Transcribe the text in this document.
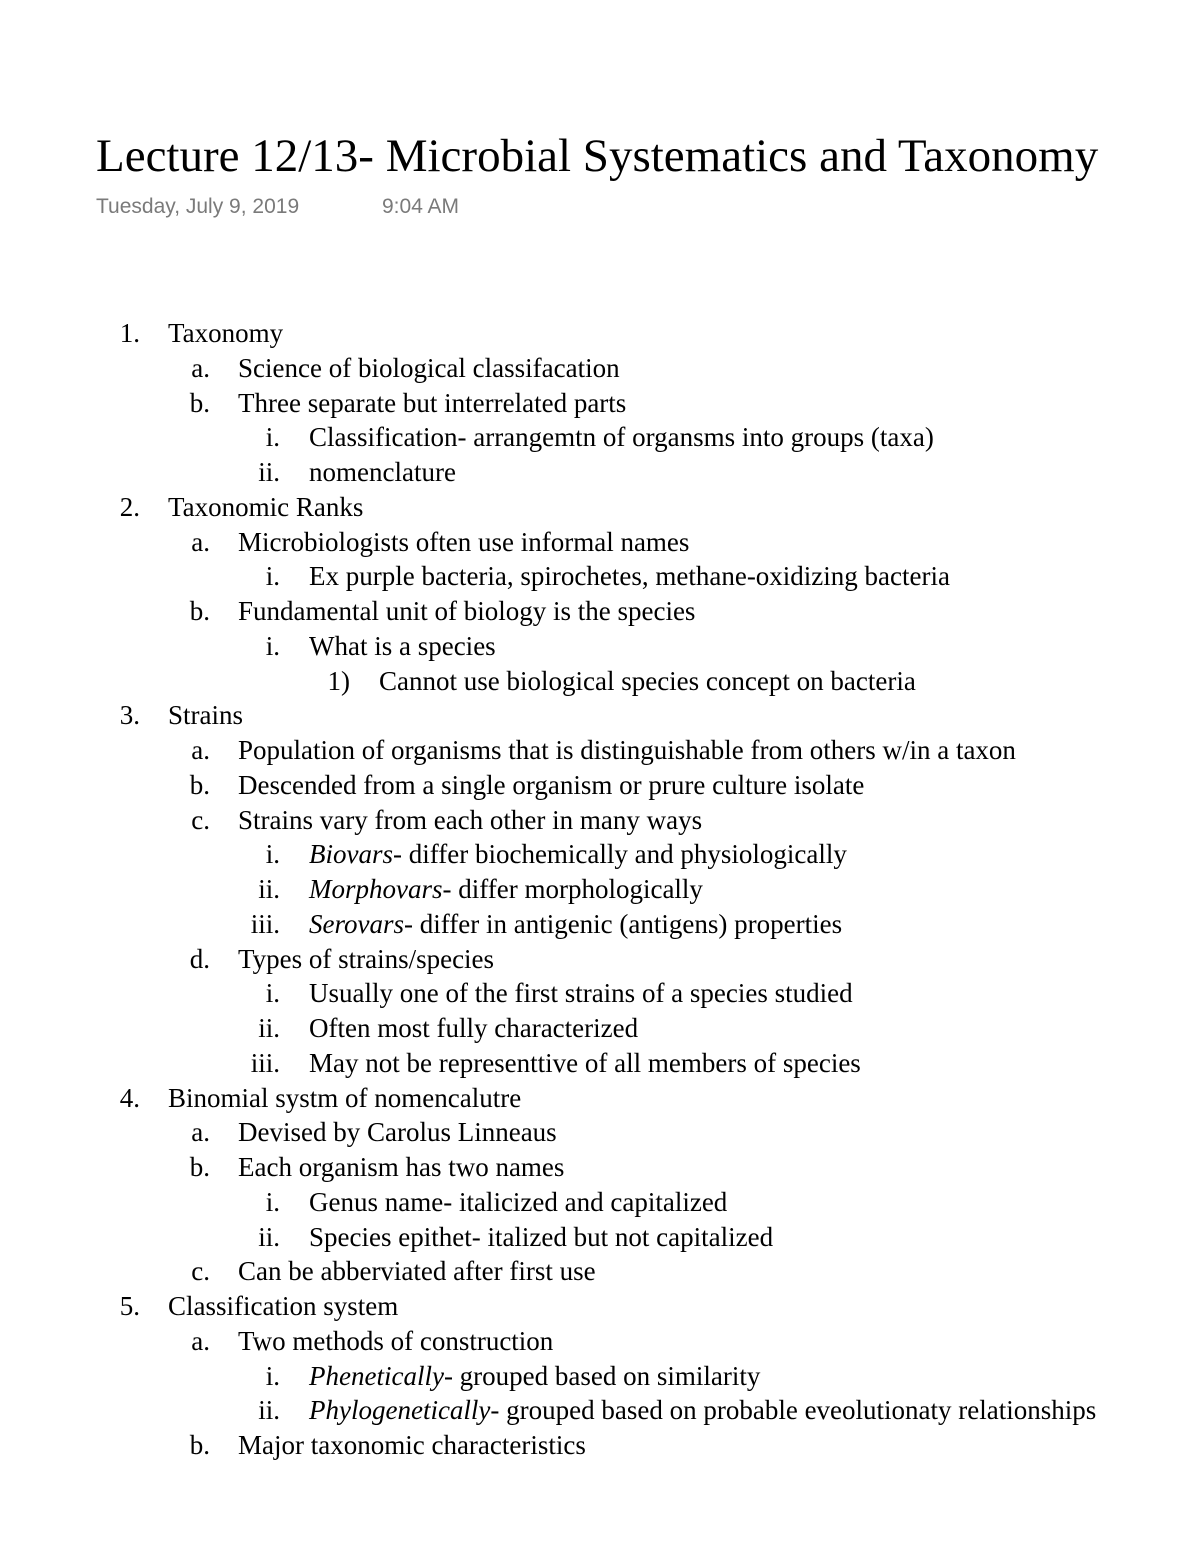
Lecture 12/13- Microbial Systematics and Taxonomy
Tuesday, July 9, 2019	9:04 AM
1. Taxonomy
a. Science of biological classifacation
b. Three separate but interrelated parts
i. Classification- arrangemtn of organsms into groups (taxa)
ii. nomenclature
2. Taxonomic Ranks
a. Microbiologists often use informal names
i. Ex purple bacteria, spirochetes, methane-oxidizing bacteria
b. Fundamental unit of biology is the species
i. What is a species
1) Cannot use biological species concept on bacteria
3. Strains
a. Population of organisms that is distinguishable from others w/in a taxon
b. Descended from a single organism or prure culture isolate
c. Strains vary from each other in many ways
i. Biovars- differ biochemically and physiologically
ii. Morphovars- differ morphologically
iii. Serovars- differ in antigenic (antigens) properties
d. Types of strains/species
i. Usually one of the first strains of a species studied
ii. Often most fully characterized
iii. May not be representtive of all members of species
4. Binomial systm of nomencalutre
a. Devised by Carolus Linneaus
b. Each organism has two names
i. Genus name- italicized and capitalized
ii. Species epithet- italized but not capitalized
c. Can be abberviated after first use
5. Classification system
a. Two methods of construction
i. Phenetically- grouped based on similarity
ii. Phylogenetically- grouped based on probable eveolutionaty relationships
b. Major taxonomic characteristics
